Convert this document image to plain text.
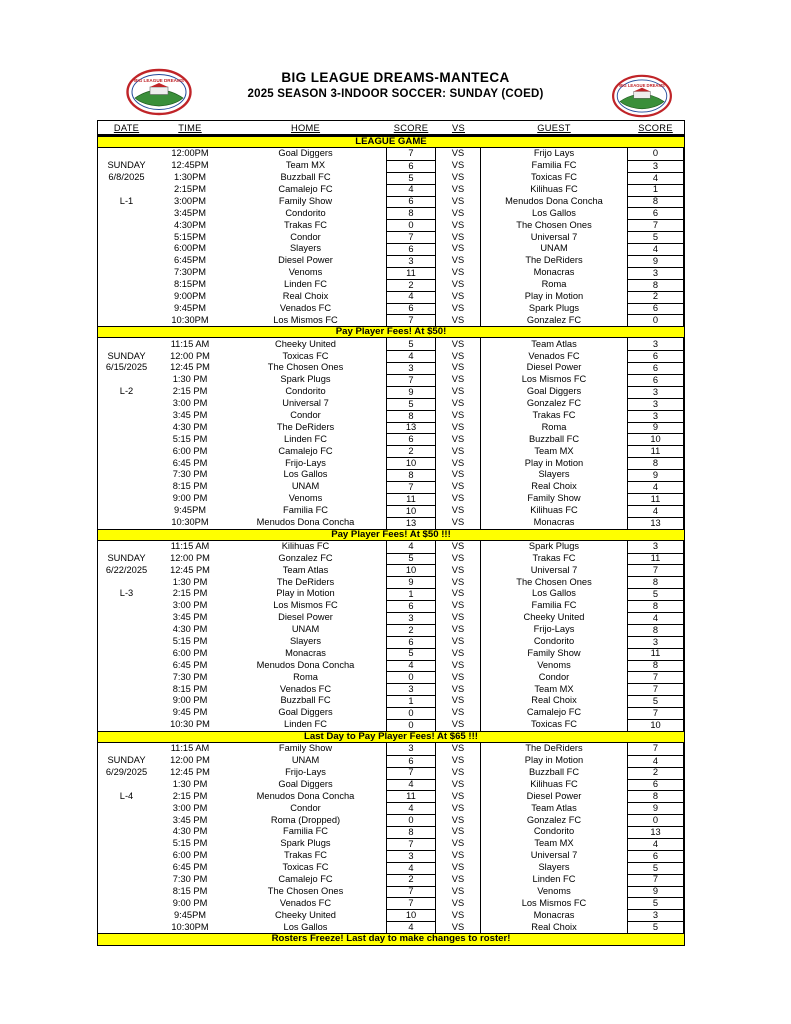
BIG LEAGUE DREAMS	BIG LEAGUE DREAMS-MANTECA
2025 SEASON 3-INDOOR SOCCER: SUNDAY (COED)
BIG LEAGUE DREAMS
DATE	TIME	HOME	SCORE	VS	GUEST	SCORE
LEAGUE GAME
12:00PM	Goal Diggers	7	VS	Frijo Lays	0
SUNDAY	12:45PM	Team MX	6	VS	Familia FC	3
6/8/2025	1:30PM	Buzzball FC	5	VS	Toxicas FC	4
2:15PM	Camalejo FC	4	VS	Kilihuas FC	1
L-1	3:00PM	Family Show	6	VS	Menudos Dona Concha	8
3:45PM	Condorito	8	VS	Los Gallos	6
4:30PM	Trakas FC	0	VS	The Chosen Ones	7
5:15PM	Condor	7	VS	Universal 7	5
6:00PM	Slayers	6	VS	UNAM	4
6:45PM	Diesel Power	3	VS	The DeRiders	9
7:30PM	Venoms	11	VS	Monacras	3
8:15PM	Linden FC	2	VS	Roma	8
9:00PM	Real Choix	4	VS	Play in Motion	2
9:45PM	Venados FC	6	VS	Spark Plugs	6
10:30PM	Los Mismos FC	7	VS	Gonzalez FC	0
Pay Player Fees! At $50!
11:15 AM	Cheeky United	5	VS	Team Atlas	3
SUNDAY	12:00 PM	Toxicas FC	4	VS	Venados FC	6
6/15/2025	12:45 PM	The Chosen Ones	3	VS	Diesel Power	6
1:30 PM	Spark Plugs	7	VS	Los Mismos FC	6
L-2	2:15 PM	Condorito	9	VS	Goal Diggers	3
3:00 PM	Universal 7	5	VS	Gonzalez FC	3
3:45 PM	Condor	8	VS	Trakas FC	3
4:30 PM	The DeRiders	13	VS	Roma	9
5:15 PM	Linden FC	6	VS	Buzzball FC	10
6:00 PM	Camalejo FC	2	VS	Team MX	11
6:45 PM	Frijo-Lays	10	VS	Play in Motion	8
7:30 PM	Los Gallos	8	VS	Slayers	9
8:15 PM	UNAM	7	VS	Real Choix	4
9:00 PM	Venoms	11	VS	Family Show	11
9:45PM	Familia FC	10	VS	Kilihuas FC	4
10:30PM	Menudos Dona Concha	13	VS	Monacras	13
Pay Player Fees! At $50 !!!
11:15 AM	Kilihuas FC	4	VS	Spark Plugs	3
SUNDAY	12:00 PM	Gonzalez FC	5	VS	Trakas FC	11
6/22/2025	12:45 PM	Team Atlas	10	VS	Universal 7	7
1:30 PM	The DeRiders	9	VS	The Chosen Ones	8
L-3	2:15 PM	Play in Motion	1	VS	Los Gallos	5
3:00 PM	Los Mismos FC	6	VS	Familia FC	8
3:45 PM	Diesel Power	3	VS	Cheeky United	4
4:30 PM	UNAM	2	VS	Frijo-Lays	8
5:15 PM	Slayers	6	VS	Condorito	3
6:00 PM	Monacras	5	VS	Family Show	11
6:45 PM	Menudos Dona Concha	4	VS	Venoms	8
7:30 PM	Roma	0	VS	Condor	7
8:15 PM	Venados FC	3	VS	Team MX	7
9:00 PM	Buzzball FC	1	VS	Real Choix	5
9:45 PM	Goal Diggers	0	VS	Camalejo FC	7
10:30 PM	Linden FC	0	VS	Toxicas FC	10
Last Day to Pay Player Fees! At $65 !!!
11:15 AM	Family Show	3	VS	The DeRiders	7
SUNDAY	12:00 PM	UNAM	6	VS	Play in Motion	4
6/29/2025	12:45 PM	Frijo-Lays	7	VS	Buzzball FC	2
1:30 PM	Goal Diggers	4	VS	Kilihuas FC	6
L-4	2:15 PM	Menudos Dona Concha	11	VS	Diesel Power	8
3:00 PM	Condor	4	VS	Team Atlas	9
3:45 PM	Roma (Dropped)	0	VS	Gonzalez FC	0
4:30 PM	Familia FC	8	VS	Condorito	13
5:15 PM	Spark Plugs	7	VS	Team MX	4
6:00 PM	Trakas FC	3	VS	Universal 7	6
6:45 PM	Toxicas FC	4	VS	Slayers	5
7:30 PM	Camalejo FC	2	VS	Linden FC	7
8:15 PM	The Chosen Ones	7	VS	Venoms	9
9:00 PM	Venados FC	7	VS	Los Mismos FC	5
9:45PM	Cheeky United	10	VS	Monacras	3
10:30PM	Los Gallos	4	VS	Real Choix	5
Rosters Freeze! Last day to make changes to roster!
